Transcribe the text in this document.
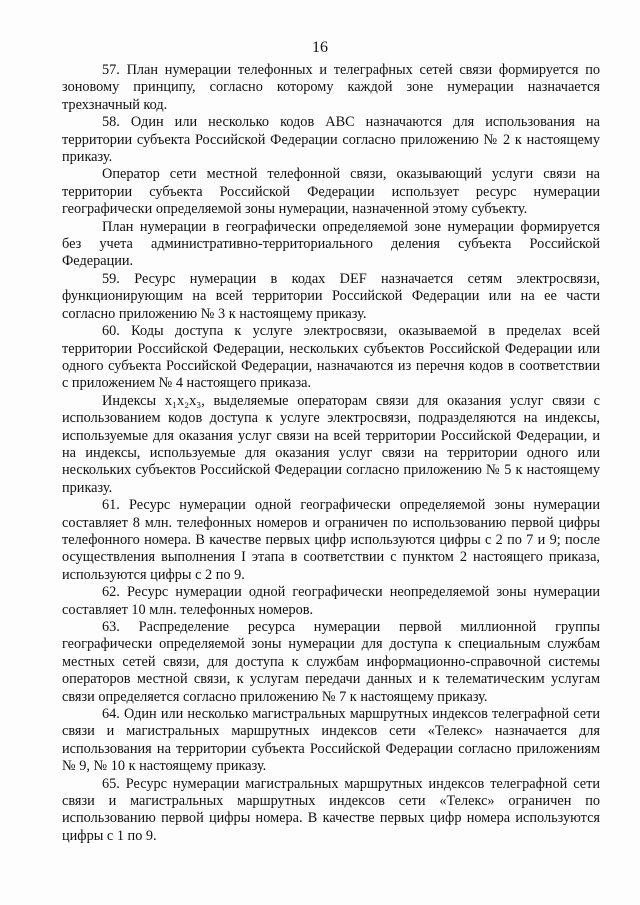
16

57. План нумерации телефонных и телеграфных сетей связи формируется по зоновому принципу, согласно которому каждой зоне нумерации назначается трехзначный код.

58. Один или несколько кодов ABC назначаются для использования на территории субъекта Российской Федерации согласно приложению № 2 к настоящему приказу.

Оператор сети местной телефонной связи, оказывающий услуги связи на территории субъекта Российской Федерации использует ресурс нумерации географически определяемой зоны нумерации, назначенной этому субъекту.

План нумерации в географически определяемой зоне нумерации формируется без учета административно-территориального деления субъекта Российской Федерации.

59. Ресурс нумерации в кодах DEF назначается сетям электросвязи, функционирующим на всей территории Российской Федерации или на ее части согласно приложению № 3 к настоящему приказу.

60. Коды доступа к услуге электросвязи, оказываемой в пределах всей территории Российской Федерации, нескольких субъектов Российской Федерации или одного субъекта Российской Федерации, назначаются из перечня кодов в соответствии с приложением № 4 настоящего приказа.

Индексы x₁x₂x₃, выделяемые операторам связи для оказания услуг связи с использованием кодов доступа к услуге электросвязи, подразделяются на индексы, используемые для оказания услуг связи на всей территории Российской Федерации, и на индексы, используемые для оказания услуг связи на территории одного или нескольких субъектов Российской Федерации согласно приложению № 5 к настоящему приказу.

61. Ресурс нумерации одной географически определяемой зоны нумерации составляет 8 млн. телефонных номеров и ограничен по использованию первой цифры телефонного номера. В качестве первых цифр используются цифры с 2 по 7 и 9; после осуществления выполнения I этапа в соответствии с пунктом 2 настоящего приказа, используются цифры с 2 по 9.

62. Ресурс нумерации одной географически неопределяемой зоны нумерации составляет 10 млн. телефонных номеров.

63. Распределение ресурса нумерации первой миллионной группы географически определяемой зоны нумерации для доступа к специальным службам местных сетей связи, для доступа к службам информационно-справочной системы операторов местной связи, к услугам передачи данных и к телематическим услугам связи определяется согласно приложению № 7 к настоящему приказу.

64. Один или несколько магистральных маршрутных индексов телеграфной сети связи и магистральных маршрутных индексов сети «Телекс» назначается для использования на территории субъекта Российской Федерации согласно приложениям № 9, № 10 к настоящему приказу.

65. Ресурс нумерации магистральных маршрутных индексов телеграфной сети связи и магистральных маршрутных индексов сети «Телекс» ограничен по использованию первой цифры номера. В качестве первых цифр номера используются цифры с 1 по 9.
